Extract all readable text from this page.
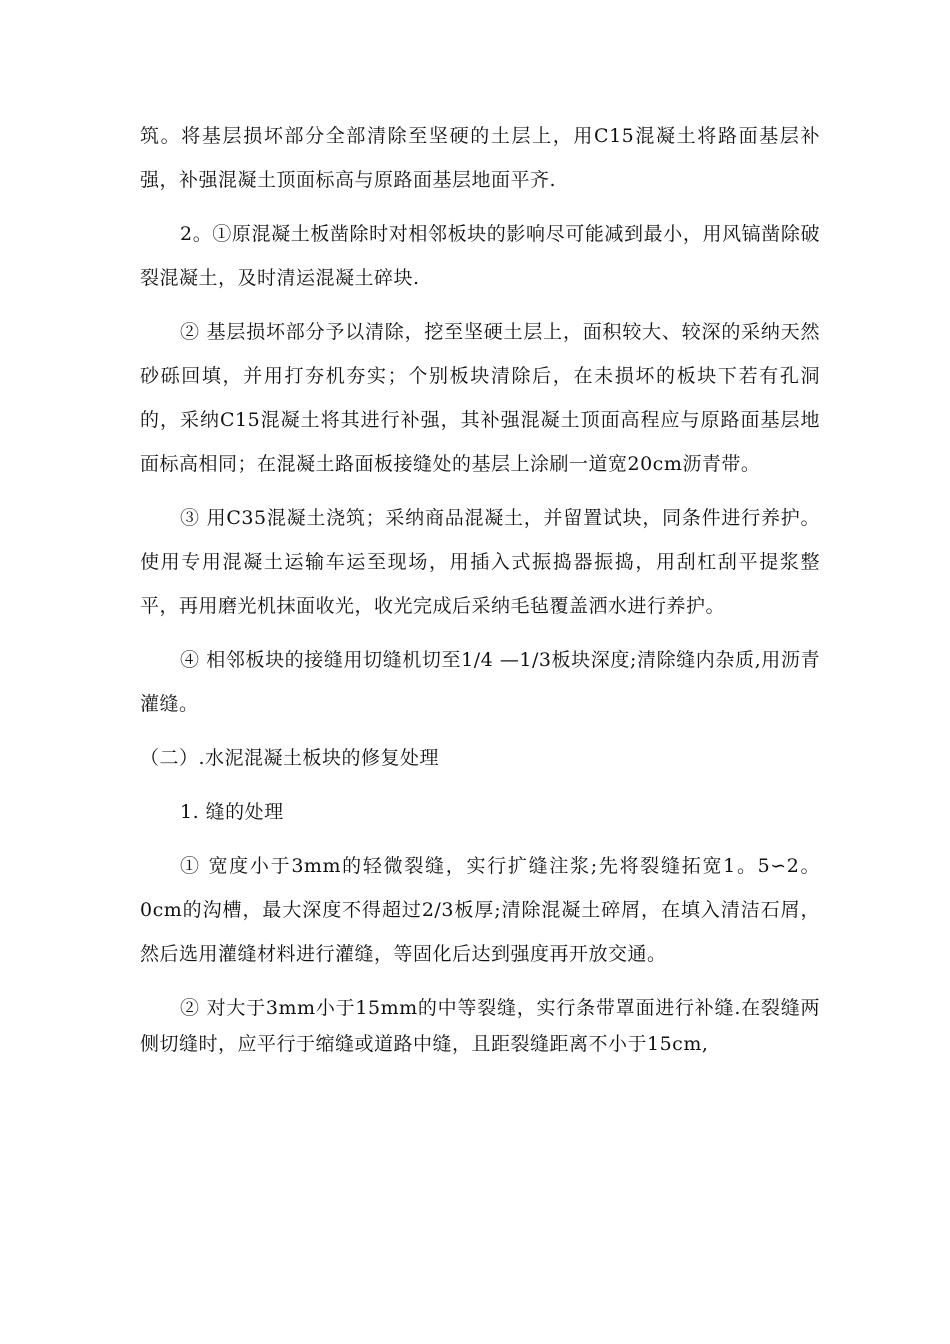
筑。将基层损坏部分全部清除至坚硬的土层上，用C15混凝土将路面基层补强，补强混凝土顶面标高与原路面基层地面平齐.

2。①原混凝土板凿除时对相邻板块的影响尽可能减到最小，用风镐凿除破裂混凝土，及时清运混凝土碎块.

② 基层损坏部分予以清除，挖至坚硬土层上，面积较大、较深的采纳天然砂砾回填，并用打夯机夯实；个别板块清除后，在未损坏的板块下若有孔洞的，采纳C15混凝土将其进行补强，其补强混凝土顶面高程应与原路面基层地面标高相同；在混凝土路面板接缝处的基层上涂刷一道宽20cm沥青带。

③ 用C35混凝土浇筑；采纳商品混凝土，并留置试块，同条件进行养护。使用专用混凝土运输车运至现场，用插入式振捣器振捣，用刮杠刮平提浆整平，再用磨光机抹面收光，收光完成后采纳毛毡覆盖洒水进行养护。

④ 相邻板块的接缝用切缝机切至1/4 —1/3板块深度;清除缝内杂质,用沥青灌缝。

（二）.水泥混凝土板块的修复处理

1. 缝的处理

① 宽度小于3mm的轻微裂缝，实行扩缝注浆;先将裂缝拓宽1。5∽2。0cm的沟槽，最大深度不得超过2/3板厚;清除混凝土碎屑，在填入清洁石屑，然后选用灌缝材料进行灌缝，等固化后达到强度再开放交通。

② 对大于3mm小于15mm的中等裂缝，实行条带罩面进行补缝.在裂缝两侧切缝时，应平行于缩缝或道路中缝，且距裂缝距离不小于15cm,
